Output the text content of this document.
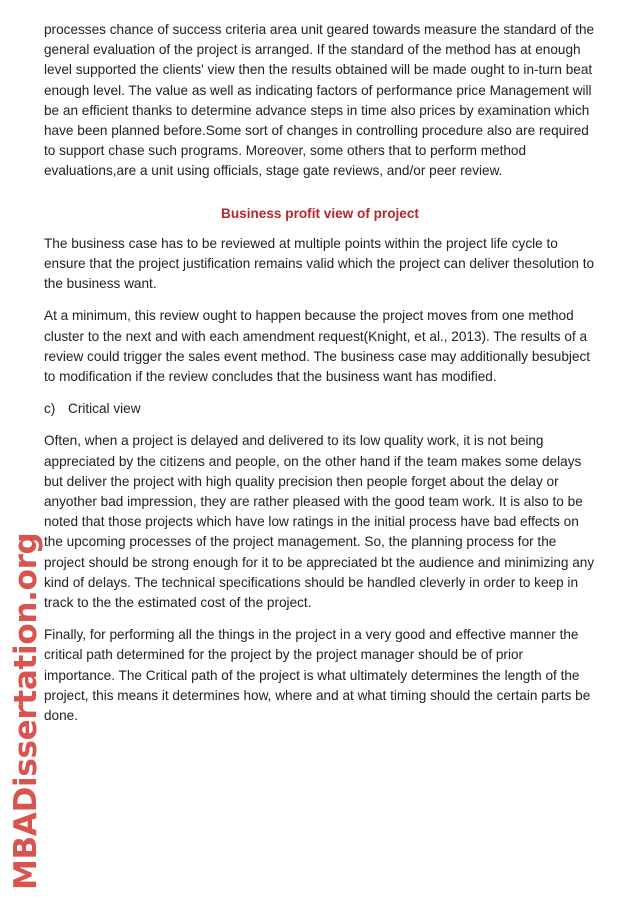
MBADissertation.org

processes chance of success criteria area unit geared towards measure the standard of the general evaluation of the project is arranged. If the standard of the method has at enough level supported the clients' view then the results obtained will be made ought to in-turn beat enough level. The value as well as indicating factors of performance price Management will be an efficient thanks to determine advance steps in time also prices by examination which have been planned before.Some sort of changes in controlling procedure also are required to support chase such programs. Moreover, some others that to perform method evaluations,are a unit using officials, stage gate reviews, and/or peer review.

Business profit view of project

The business case has to be reviewed at multiple points within the project life cycle to ensure that the project justification remains valid which the project can deliver thesolution to the business want.

At a minimum, this review ought to happen because the project moves from one method cluster to the next and with each amendment request(Knight, et al., 2013). The results of a review could trigger the sales event method. The business case may additionally besubject to modification if the review concludes that the business want has modified.

c) Critical view

Often, when a project is delayed and delivered to its low quality work, it is not being appreciated by the citizens and people, on the other hand if the team makes some delays but deliver the project with high quality precision then people forget about the delay or anyother bad impression, they are rather pleased with the good team work. It is also to be noted that those projects which have low ratings in the initial process have bad effects on the upcoming processes of the project management. So, the planning process for the project should be strong enough for it to be appreciated bt the audience and minimizing any kind of delays. The technical specifications should be handled cleverly in order to keep in track to the the estimated cost of the project.

Finally, for performing all the things in the project in a very good and effective manner the critical path determined for the project by the project manager should be of prior importance. The Critical path of the project is what ultimately determines the length of the project, this means it determines how, where and at what timing should the certain parts be done.
